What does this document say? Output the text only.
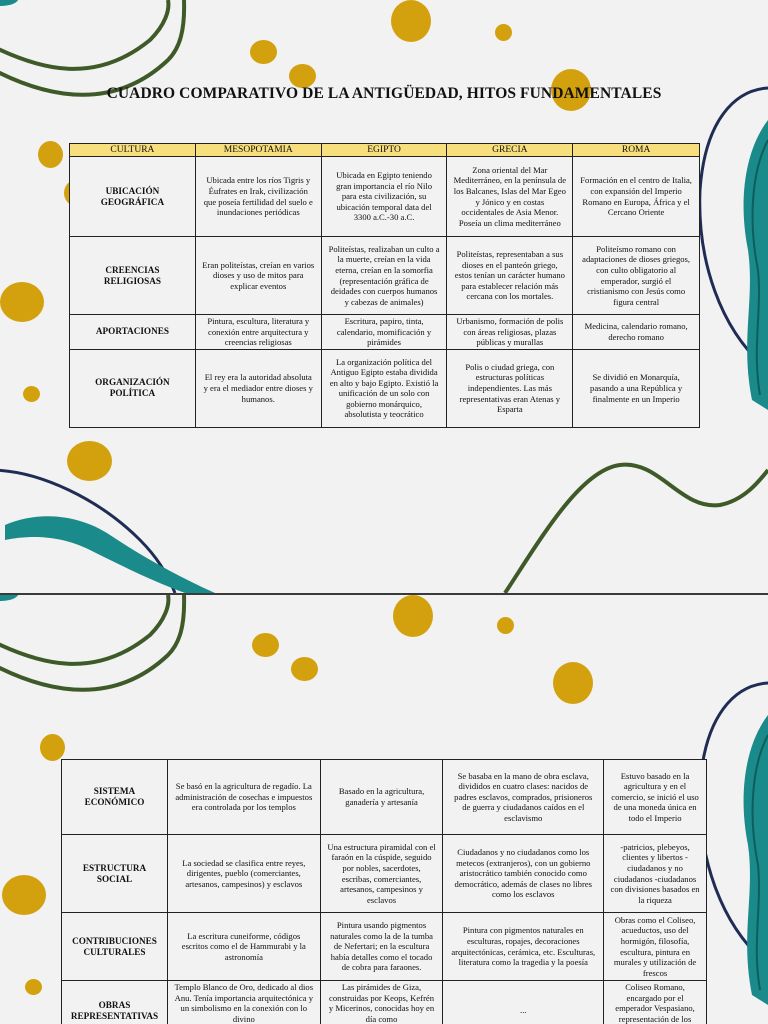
CUADRO COMPARATIVO DE LA ANTIGÜEDAD, HITOS FUNDAMENTALES
CULTURA	MESOPOTAMIA	EGIPTO	GRECIA	ROMA
UBICACIÓN GEOGRÁFICA	Ubicada entre los ríos Tigris y Éufrates en Irak, civilización que poseía fertilidad del suelo e inundaciones periódicas	Ubicada en Egipto teniendo gran importancia el río Nilo para esta civilización, su ubicación temporal data del 3300 a.C.-30 a.C.	Zona oriental del Mar Mediterráneo, en la península de los Balcanes, Islas del Mar Egeo y Jónico y en costas occidentales de Asia Menor. Poseía un clima mediterráneo	Formación en el centro de Italia, con expansión del Imperio Romano en Europa, África y el Cercano Oriente
CREENCIAS RELIGIOSAS	Eran politeístas, creían en varios dioses y uso de mitos para explicar eventos	Politeístas, realizaban un culto a la muerte, creían en la vida eterna, creían en la somorfia (representación gráfica de deidades con cuerpos humanos y cabezas de animales)	Politeístas, representaban a sus dioses en el panteón griego, estos tenían un carácter humano para establecer relación más cercana con los mortales.	Politeísmo romano con adaptaciones de dioses griegos, con culto obligatorio al emperador, surgió el cristianismo con Jesús como figura central
APORTACIONES	Pintura, escultura, literatura y conexión entre arquitectura y creencias religiosas	Escritura, papiro, tinta, calendario, momificación y pirámides	Urbanismo, formación de polis con áreas religiosas, plazas públicas y murallas	Medicina, calendario romano, derecho romano
ORGANIZACIÓN POLÍTICA	El rey era la autoridad absoluta y era el mediador entre dioses y humanos.	La organización política del Antiguo Egipto estaba dividida en alto y bajo Egipto. Existió la unificación de un solo con gobierno monárquico, absolutista y teocrático	Polis o ciudad griega, con estructuras políticas independientes. Las más representativas eran Atenas y Esparta	Se dividió en Monarquía, pasando a una República y finalmente en un Imperio
SISTEMA ECONÓMICO	Se basó en la agricultura de regadío. La administración de cosechas e impuestos era controlada por los templos	Basado en la agricultura, ganadería y artesanía	Se basaba en la mano de obra esclava, divididos en cuatro clases: nacidos de padres esclavos, comprados, prisioneros de guerra y ciudadanos caídos en el esclavismo	Estuvo basado en la agricultura y en el comercio, se inició el uso de una moneda única en todo el Imperio
ESTRUCTURA SOCIAL	La sociedad se clasifica entre reyes, dirigentes, pueblo (comerciantes, artesanos, campesinos) y esclavos	Una estructura piramidal con el faraón en la cúspide, seguido por nobles, sacerdotes, escribas, comerciantes, artesanos, campesinos y esclavos	Ciudadanos y no ciudadanos como los metecos (extranjeros), con un gobierno aristocrático también conocido como democrático, además de clases no libres como los esclavos	-patricios, plebeyos, clientes y libertos -ciudadanos y no ciudadanos -ciudadanos con divisiones basados en la riqueza
CONTRIBUCIONES CULTURALES	La escritura cuneiforme, códigos escritos como el de Hammurabi y la astronomía	Pintura usando pigmentos naturales como la de la tumba de Nefertari; en la escultura había detalles como el tocado de cobra para faraones.	Pintura con pigmentos naturales en esculturas, ropajes, decoraciones arquitectónicas, cerámica, etc. Esculturas, literatura como la tragedia y la poesía	Obras como el Coliseo, acueductos, uso del hormigón, filosofía, escultura, pintura en murales y utilización de frescos
OBRAS REPRESENTATIVAS	Templo Blanco de Oro, dedicado al dios Anu. Tenía importancia arquitectónica y un simbolismo en la conexión con lo divino	Las pirámides de Giza, construidas por Keops, Kefrén y Micerinos, conocidas hoy en día como	...	Coliseo Romano, encargado por el emperador Vespasiano, representación de los
